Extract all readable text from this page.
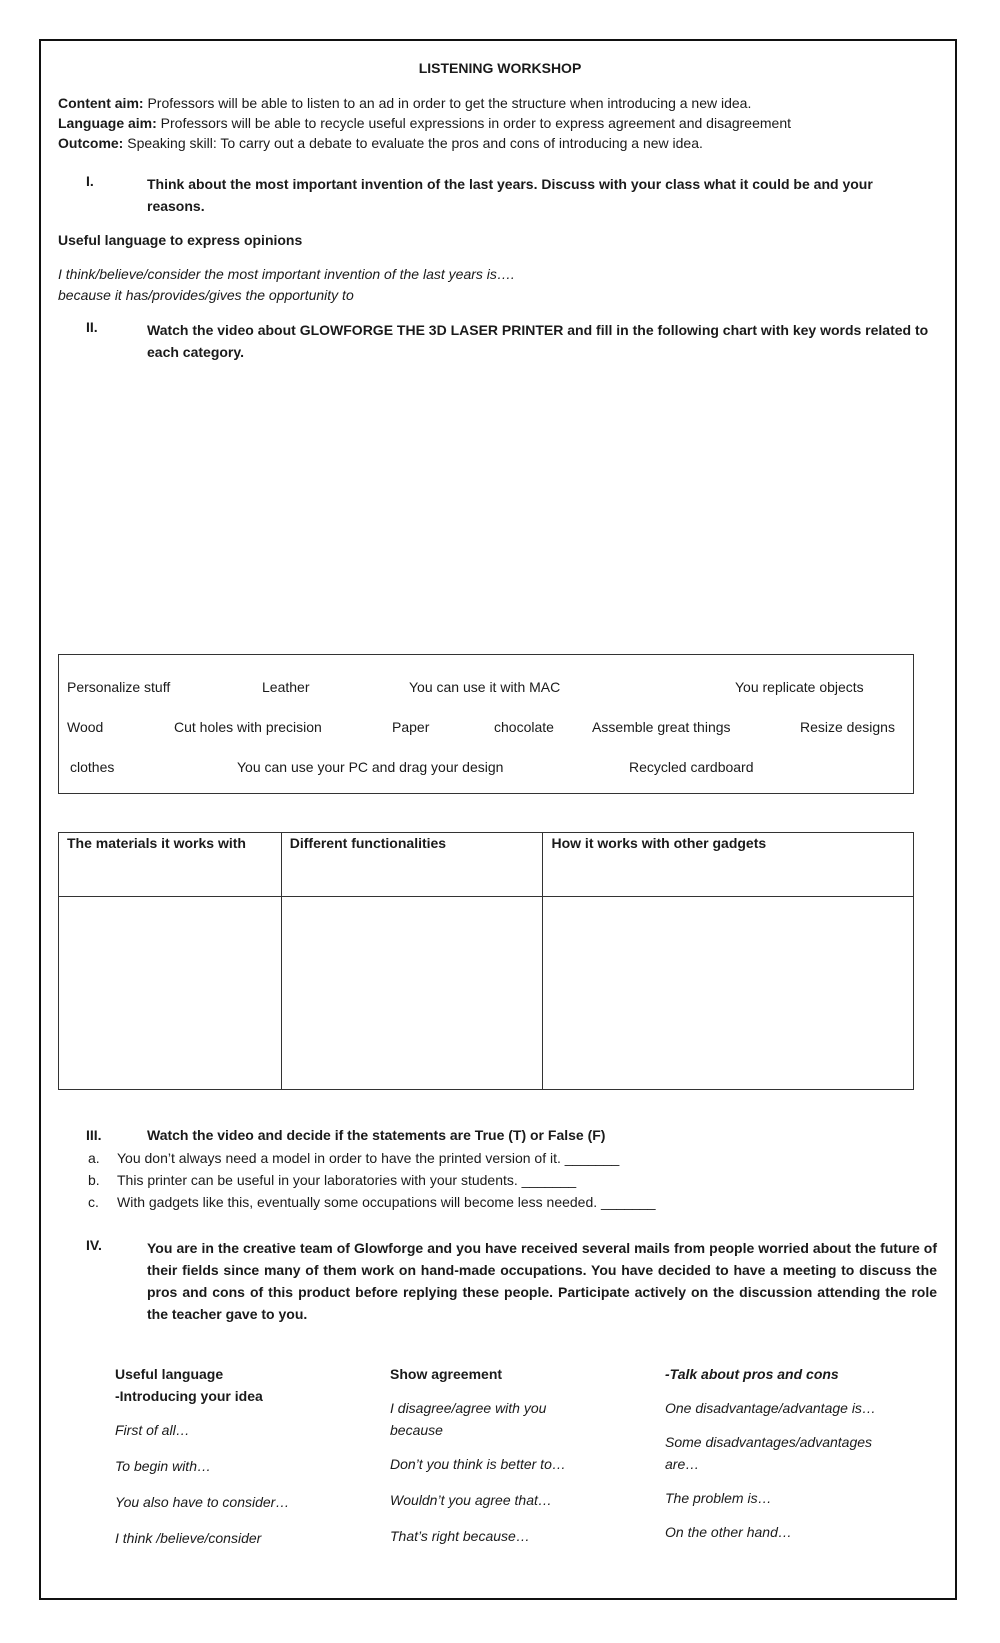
LISTENING WORKSHOP
Content aim: Professors will be able to listen to an ad in order to get the structure when introducing a new idea.
Language aim: Professors will be able to recycle useful expressions in order to express agreement and disagreement
Outcome: Speaking skill: To carry out a debate to evaluate the pros and cons of introducing a new idea.
I.	Think about the most important invention of the last years. Discuss with your class what it could be and your reasons.
Useful language to express opinions
I think/believe/consider the most important invention of the last years is….
because it has/provides/gives the opportunity to
II.	Watch the video about GLOWFORGE THE 3D LASER PRINTER and fill in the following chart with key words related to each category.
Personalize stuff	Leather	You can use it with MAC	You replicate objects
Wood	Cut holes with precision	Paper	chocolate	Assemble great things	Resize designs
clothes	You can use your PC and drag your design	Recycled cardboard
The materials it works with	Different functionalities	How it works with other gadgets

III.	Watch the video and decide if the statements are True (T) or False (F)
a. You don’t always need a model in order to have the printed version of it. _______
b. This printer can be useful in your laboratories with your students. _______
c. With gadgets like this, eventually some occupations will become less needed. _______
IV.	You are in the creative team of Glowforge and you have received several mails from people worried about the future of their fields since many of them work on hand-made occupations. You have decided to have a meeting to discuss the pros and cons of this product before replying these people. Participate actively on the discussion attending the role the teacher gave to you.
Useful language
-Introducing your idea
First of all…
To begin with…
You also have to consider…
I think /believe/consider
Show agreement
I disagree/agree with you because
Don’t you think is better to…
Wouldn’t you agree that…
That’s right because…
-Talk about pros and cons
One disadvantage/advantage is…
Some disadvantages/advantages are…
The problem is…
On the other hand…
